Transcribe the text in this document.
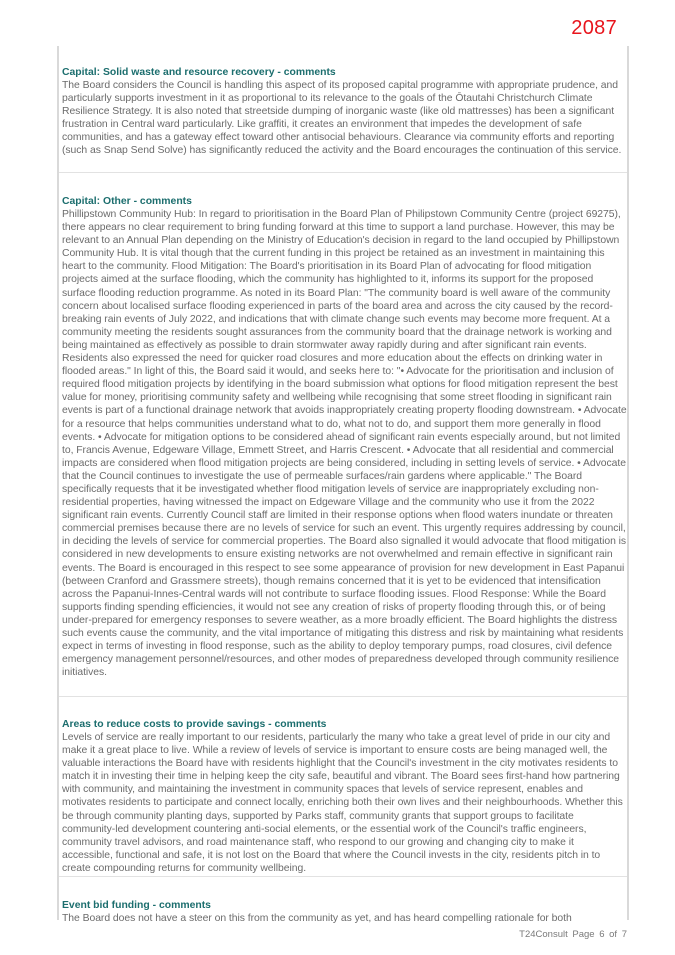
2087

Capital: Solid waste and resource recovery - comments

The Board considers the Council is handling this aspect of its proposed capital programme with appropriate prudence, and particularly supports investment in it as proportional to its relevance to the goals of the Ōtautahi Christchurch Climate Resilience Strategy. It is also noted that streetside dumping of inorganic waste (like old mattresses) has been a significant frustration in Central ward particularly. Like graffiti, it creates an environment that impedes the development of safe communities, and has a gateway effect toward other antisocial behaviours. Clearance via community efforts and reporting (such as Snap Send Solve) has significantly reduced the activity and the Board encourages the continuation of this service.

Capital: Other - comments

Phillipstown Community Hub: In regard to prioritisation in the Board Plan of Philipstown Community Centre (project 69275), there appears no clear requirement to bring funding forward at this time to support a land purchase. However, this may be relevant to an Annual Plan depending on the Ministry of Education's decision in regard to the land occupied by Phillipstown Community Hub. It is vital though that the current funding in this project be retained as an investment in maintaining this heart to the community. Flood Mitigation: The Board's prioritisation in its Board Plan of advocating for flood mitigation projects aimed at the surface flooding, which the community has highlighted to it, informs its support for the proposed surface flooding reduction programme. As noted in its Board Plan: "The community board is well aware of the community concern about localised surface flooding experienced in parts of the board area and across the city caused by the record-breaking rain events of July 2022, and indications that with climate change such events may become more frequent. At a community meeting the residents sought assurances from the community board that the drainage network is working and being maintained as effectively as possible to drain stormwater away rapidly during and after significant rain events. Residents also expressed the need for quicker road closures and more education about the effects on drinking water in flooded areas." In light of this, the Board said it would, and seeks here to: "• Advocate for the prioritisation and inclusion of required flood mitigation projects by identifying in the board submission what options for flood mitigation represent the best value for money, prioritising community safety and wellbeing while recognising that some street flooding in significant rain events is part of a functional drainage network that avoids inappropriately creating property flooding downstream. • Advocate for a resource that helps communities understand what to do, what not to do, and support them more generally in flood events. • Advocate for mitigation options to be considered ahead of significant rain events especially around, but not limited to, Francis Avenue, Edgeware Village, Emmett Street, and Harris Crescent. • Advocate that all residential and commercial impacts are considered when flood mitigation projects are being considered, including in setting levels of service. • Advocate that the Council continues to investigate the use of permeable surfaces/rain gardens where applicable." The Board specifically requests that it be investigated whether flood mitigation levels of service are inappropriately excluding non-residential properties, having witnessed the impact on Edgeware Village and the community who use it from the 2022 significant rain events. Currently Council staff are limited in their response options when flood waters inundate or threaten commercial premises because there are no levels of service for such an event. This urgently requires addressing by council, in deciding the levels of service for commercial properties. The Board also signalled it would advocate that flood mitigation is considered in new developments to ensure existing networks are not overwhelmed and remain effective in significant rain events. The Board is encouraged in this respect to see some appearance of provision for new development in East Papanui (between Cranford and Grassmere streets), though remains concerned that it is yet to be evidenced that intensification across the Papanui-Innes-Central wards will not contribute to surface flooding issues. Flood Response: While the Board supports finding spending efficiencies, it would not see any creation of risks of property flooding through this, or of being under-prepared for emergency responses to severe weather, as a more broadly efficient. The Board highlights the distress such events cause the community, and the vital importance of mitigating this distress and risk by maintaining what residents expect in terms of investing in flood response, such as the ability to deploy temporary pumps, road closures, civil defence emergency management personnel/resources, and other modes of preparedness developed through community resilience initiatives.

Areas to reduce costs to provide savings - comments

Levels of service are really important to our residents, particularly the many who take a great level of pride in our city and make it a great place to live. While a review of levels of service is important to ensure costs are being managed well, the valuable interactions the Board have with residents highlight that the Council's investment in the city motivates residents to match it in investing their time in helping keep the city safe, beautiful and vibrant. The Board sees first-hand how partnering with community, and maintaining the investment in community spaces that levels of service represent, enables and motivates residents to participate and connect locally, enriching both their own lives and their neighbourhoods. Whether this be through community planting days, supported by Parks staff, community grants that support groups to facilitate community-led development countering anti-social elements, or the essential work of the Council's traffic engineers, community travel advisors, and road maintenance staff, who respond to our growing and changing city to make it accessible, functional and safe, it is not lost on the Board that where the Council invests in the city, residents pitch in to create compounding returns for community wellbeing.

Event bid funding - comments

The Board does not have a steer on this from the community as yet, and has heard compelling rationale for both

T24Consult Page 6 of 7
